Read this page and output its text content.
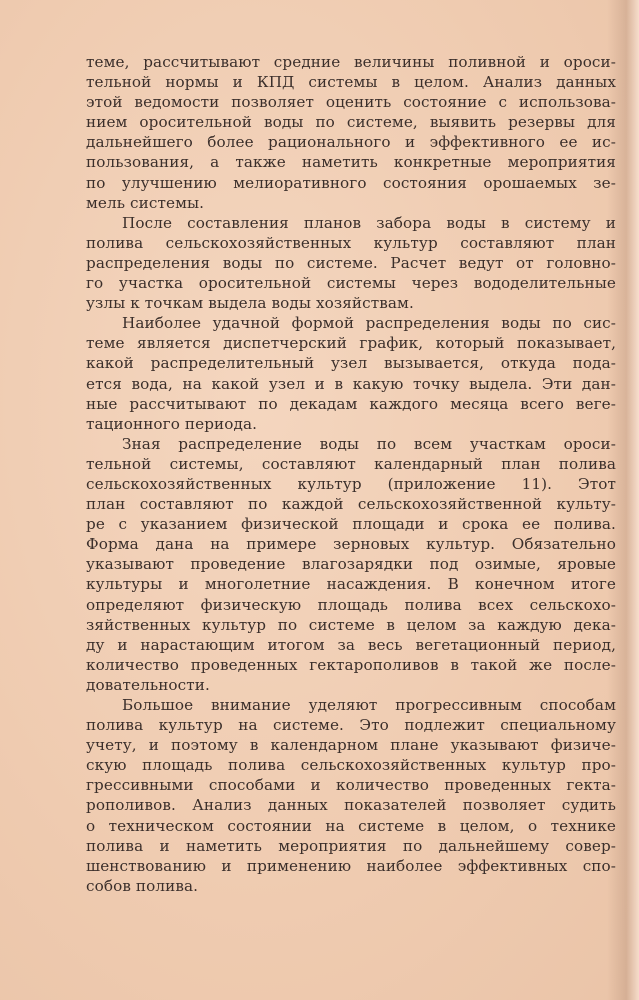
теме, рассчитывают средние величины поливной и ороси-
тельной нормы и КПД системы в целом. Анализ данных
этой ведомости позволяет оценить состояние с использова-
нием оросительной воды по системе, выявить резервы для
дальнейшего более рационального и эффективного ее ис-
пользования, а также наметить конкретные мероприятия
по улучшению мелиоративного состояния орошаемых зе-
мель системы.
После составления планов забора воды в систему и
полива сельскохозяйственных культур составляют план
распределения воды по системе. Расчет ведут от головно-
го участка оросительной системы через вододелительные
узлы к точкам выдела воды хозяйствам.
Наиболее удачной формой распределения воды по сис-
теме является диспетчерский график, который показывает,
какой распределительный узел вызывается, откуда пода-
ется вода, на какой узел и в какую точку выдела. Эти дан-
ные рассчитывают по декадам каждого месяца всего веге-
тационного периода.
Зная распределение воды по всем участкам ороси-
тельной системы, составляют календарный план полива
сельскохозяйственных культур (приложение 11). Этот
план составляют по каждой сельскохозяйственной культу-
ре с указанием физической площади и срока ее полива.
Форма дана на примере зерновых культур. Обязательно
указывают проведение влагозарядки под озимые, яровые
культуры и многолетние насаждения. В конечном итоге
определяют физическую площадь полива всех сельскохо-
зяйственных культур по системе в целом за каждую дека-
ду и нарастающим итогом за весь вегетационный период,
количество проведенных гектарополивов в такой же после-
довательности.
Большое внимание уделяют прогрессивным способам
полива культур на системе. Это подлежит специальному
учету, и поэтому в календарном плане указывают физиче-
скую площадь полива сельскохозяйственных культур про-
грессивными способами и количество проведенных гекта-
рополивов. Анализ данных показателей позволяет судить
о техническом состоянии на системе в целом, о технике
полива и наметить мероприятия по дальнейшему совер-
шенствованию и применению наиболее эффективных спо-
собов полива.
